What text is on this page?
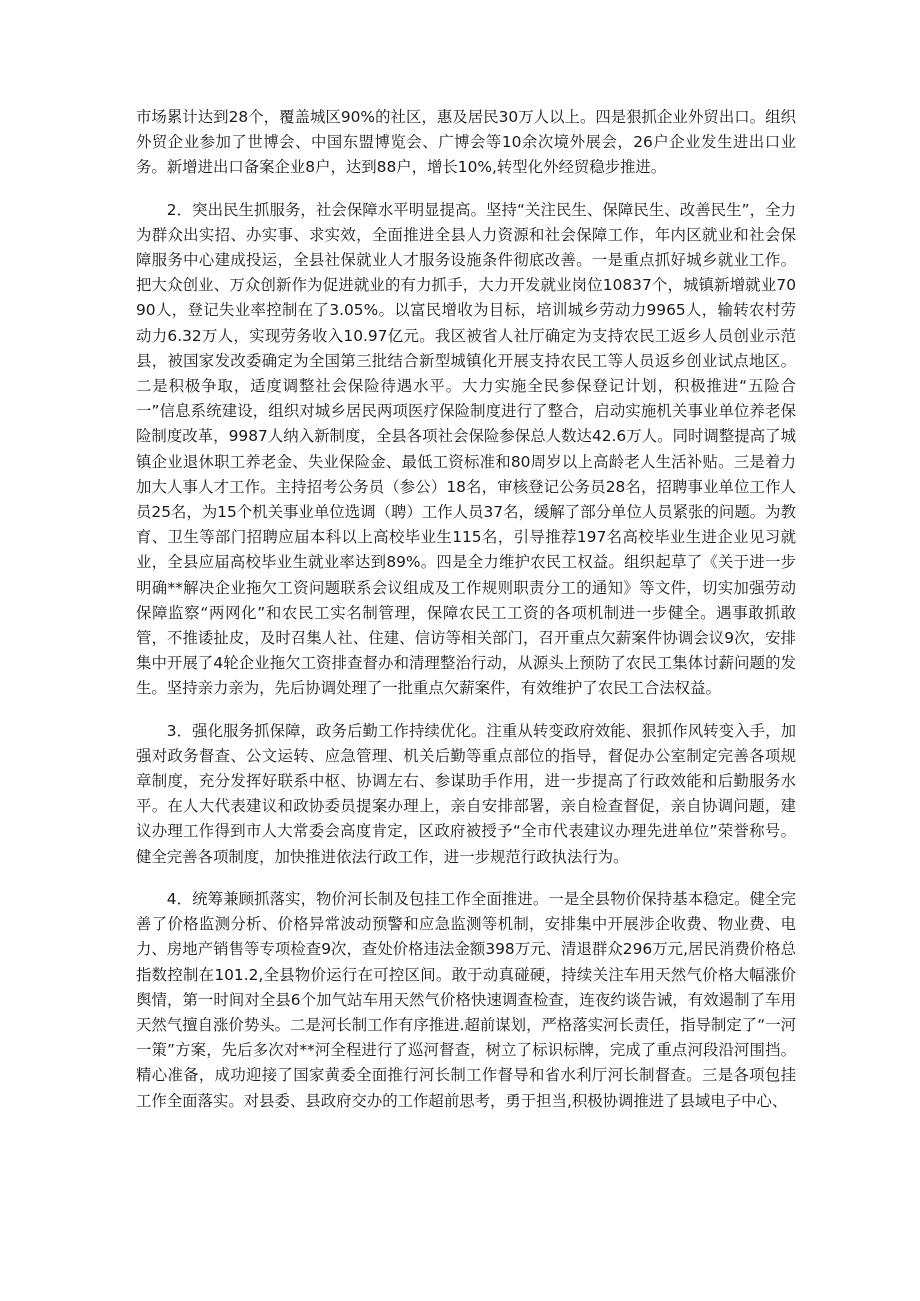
市场累计达到28个，覆盖城区90%的社区，惠及居民30万人以上。四是狠抓企业外贸出口。组织外贸企业参加了世博会、中国东盟博览会、广博会等10余次境外展会，26户企业发生进出口业务。新增进出口备案企业8户，达到88户，增长10%,转型化外经贸稳步推进。

2．突出民生抓服务，社会保障水平明显提高。坚持“关注民生、保障民生、改善民生”，全力为群众出实招、办实事、求实效，全面推进全县人力资源和社会保障工作，年内区就业和社会保障服务中心建成投运，全县社保就业人才服务设施条件彻底改善。一是重点抓好城乡就业工作。把大众创业、万众创新作为促进就业的有力抓手，大力开发就业岗位10837个，城镇新增就业7090人，登记失业率控制在了3.05%。以富民增收为目标，培训城乡劳动力9965人，输转农村劳动力6.32万人，实现劳务收入10.97亿元。我区被省人社厅确定为支持农民工返乡人员创业示范县，被国家发改委确定为全国第三批结合新型城镇化开展支持农民工等人员返乡创业试点地区。二是积极争取，适度调整社会保险待遇水平。大力实施全民参保登记计划，积极推进“五险合一”信息系统建设，组织对城乡居民两项医疗保险制度进行了整合，启动实施机关事业单位养老保险制度改革，9987人纳入新制度，全县各项社会保险参保总人数达42.6万人。同时调整提高了城镇企业退休职工养老金、失业保险金、最低工资标准和80周岁以上高龄老人生活补贴。三是着力加大人事人才工作。主持招考公务员（参公）18名，审核登记公务员28名，招聘事业单位工作人员25名，为15个机关事业单位选调（聘）工作人员37名，缓解了部分单位人员紧张的问题。为教育、卫生等部门招聘应届本科以上高校毕业生115名，引导推荐197名高校毕业生进企业见习就业，全县应届高校毕业生就业率达到89%。四是全力维护农民工权益。组织起草了《关于进一步明确**解决企业拖欠工资问题联系会议组成及工作规则职责分工的通知》等文件，切实加强劳动保障监察“两网化”和农民工实名制管理，保障农民工工资的各项机制进一步健全。遇事敢抓敢管，不推诿扯皮，及时召集人社、住建、信访等相关部门，召开重点欠薪案件协调会议9次，安排集中开展了4轮企业拖欠工资排查督办和清理整治行动，从源头上预防了农民工集体讨薪问题的发生。坚持亲力亲为，先后协调处理了一批重点欠薪案件，有效维护了农民工合法权益。

3．强化服务抓保障，政务后勤工作持续优化。注重从转变政府效能、狠抓作风转变入手，加强对政务督查、公文运转、应急管理、机关后勤等重点部位的指导，督促办公室制定完善各项规章制度，充分发挥好联系中枢、协调左右、参谋助手作用，进一步提高了行政效能和后勤服务水平。在人大代表建议和政协委员提案办理上，亲自安排部署，亲自检查督促，亲自协调问题，建议办理工作得到市人大常委会高度肯定，区政府被授予“全市代表建议办理先进单位”荣誉称号。健全完善各项制度，加快推进依法行政工作，进一步规范行政执法行为。

4．统筹兼顾抓落实，物价河长制及包挂工作全面推进。一是全县物价保持基本稳定。健全完善了价格监测分析、价格异常波动预警和应急监测等机制，安排集中开展涉企收费、物业费、电力、房地产销售等专项检查9次，查处价格违法金额398万元、清退群众296万元,居民消费价格总指数控制在101.2,全县物价运行在可控区间。敢于动真碰硬，持续关注车用天然气价格大幅涨价舆情，第一时间对全县6个加气站车用天然气价格快速调查检查，连夜约谈告诫，有效遏制了车用天然气擅自涨价势头。二是河长制工作有序推进.超前谋划，严格落实河长责任，指导制定了“一河一策”方案，先后多次对**河全程进行了巡河督查，树立了标识标牌，完成了重点河段沿河围挡。精心准备，成功迎接了国家黄委全面推行河长制工作督导和省水利厅河长制督查。三是各项包挂工作全面落实。对县委、县政府交办的工作超前思考，勇于担当,积极协调推进了县域电子中心、
